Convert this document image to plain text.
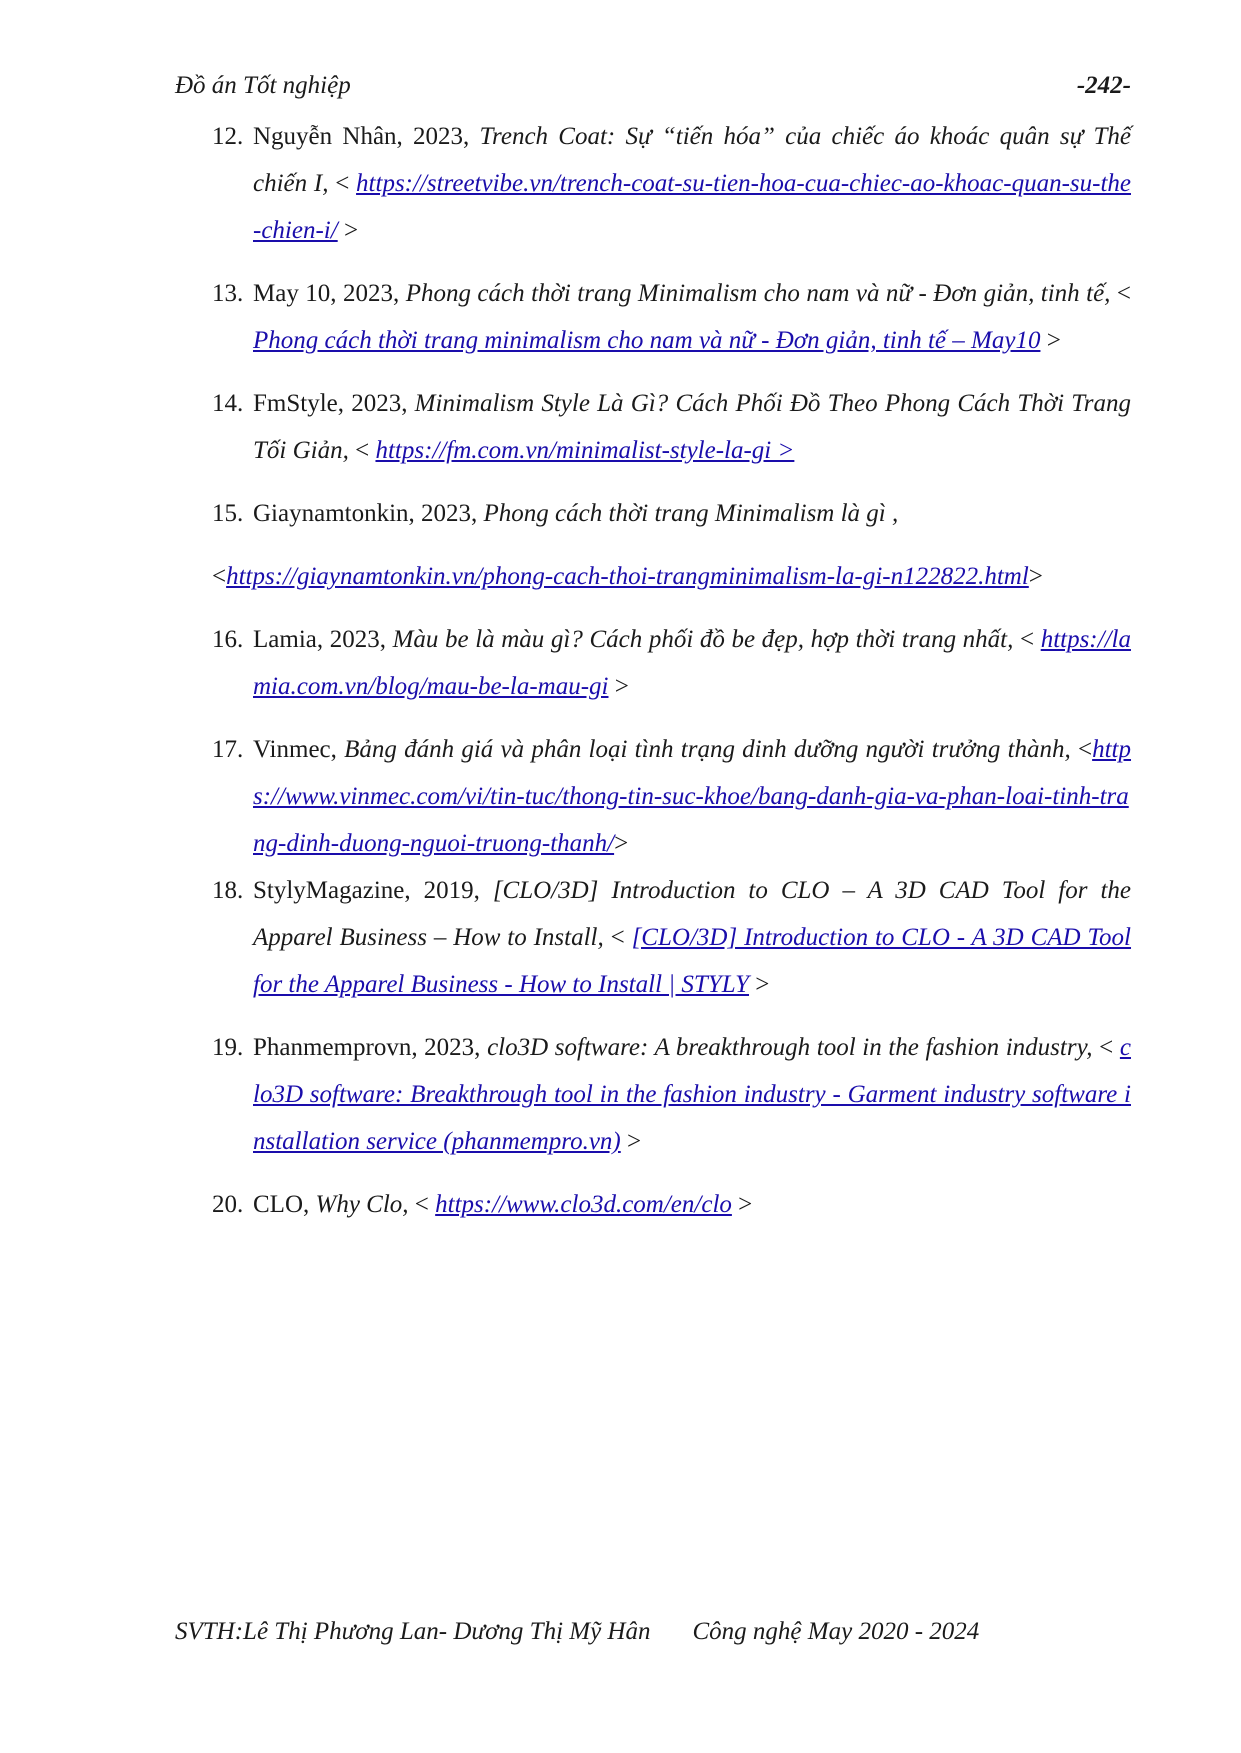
Đồ án Tốt nghiệp	-242-
12. Nguyễn Nhân, 2023, Trench Coat: Sự “tiến hóa” của chiếc áo khoác quân sự Thế chiến I, < https://streetvibe.vn/trench-coat-su-tien-hoa-cua-chiec-ao-khoac-quan-su-the-chien-i/ >
13. May 10, 2023, Phong cách thời trang Minimalism cho nam và nữ - Đơn giản, tinh tế, < Phong cách thời trang minimalism cho nam và nữ - Đơn giản, tinh tế – May10 >
14. FmStyle, 2023, Minimalism Style Là Gì? Cách Phối Đồ Theo Phong Cách Thời Trang Tối Giản, < https://fm.com.vn/minimalist-style-la-gi >
15. Giaynamtonkin, 2023, Phong cách thời trang Minimalism là gì ,
<https://giaynamtonkin.vn/phong-cach-thoi-trangminimalism-la-gi-n122822.html>
16. Lamia, 2023, Màu be là màu gì? Cách phối đồ be đẹp, hợp thời trang nhất, < https://lamia.com.vn/blog/mau-be-la-mau-gi >
17. Vinmec, Bảng đánh giá và phân loại tình trạng dinh dưỡng người trưởng thành, <https://www.vinmec.com/vi/tin-tuc/thong-tin-suc-khoe/bang-danh-gia-va-phan-loai-tinh-trang-dinh-duong-nguoi-truong-thanh/>
18. StylyMagazine, 2019, [CLO/3D] Introduction to CLO – A 3D CAD Tool for the Apparel Business – How to Install, < [CLO/3D] Introduction to CLO - A 3D CAD Tool for the Apparel Business - How to Install | STYLY >
19. Phanmemprovn, 2023, clo3D software: A breakthrough tool in the fashion industry, < clo3D software: Breakthrough tool in the fashion industry - Garment industry software installation service (phanmempro.vn) >
20. CLO, Why Clo, < https://www.clo3d.com/en/clo >
SVTH:Lê Thị Phương Lan- Dương Thị Mỹ Hân Công nghệ May 2020 - 2024
